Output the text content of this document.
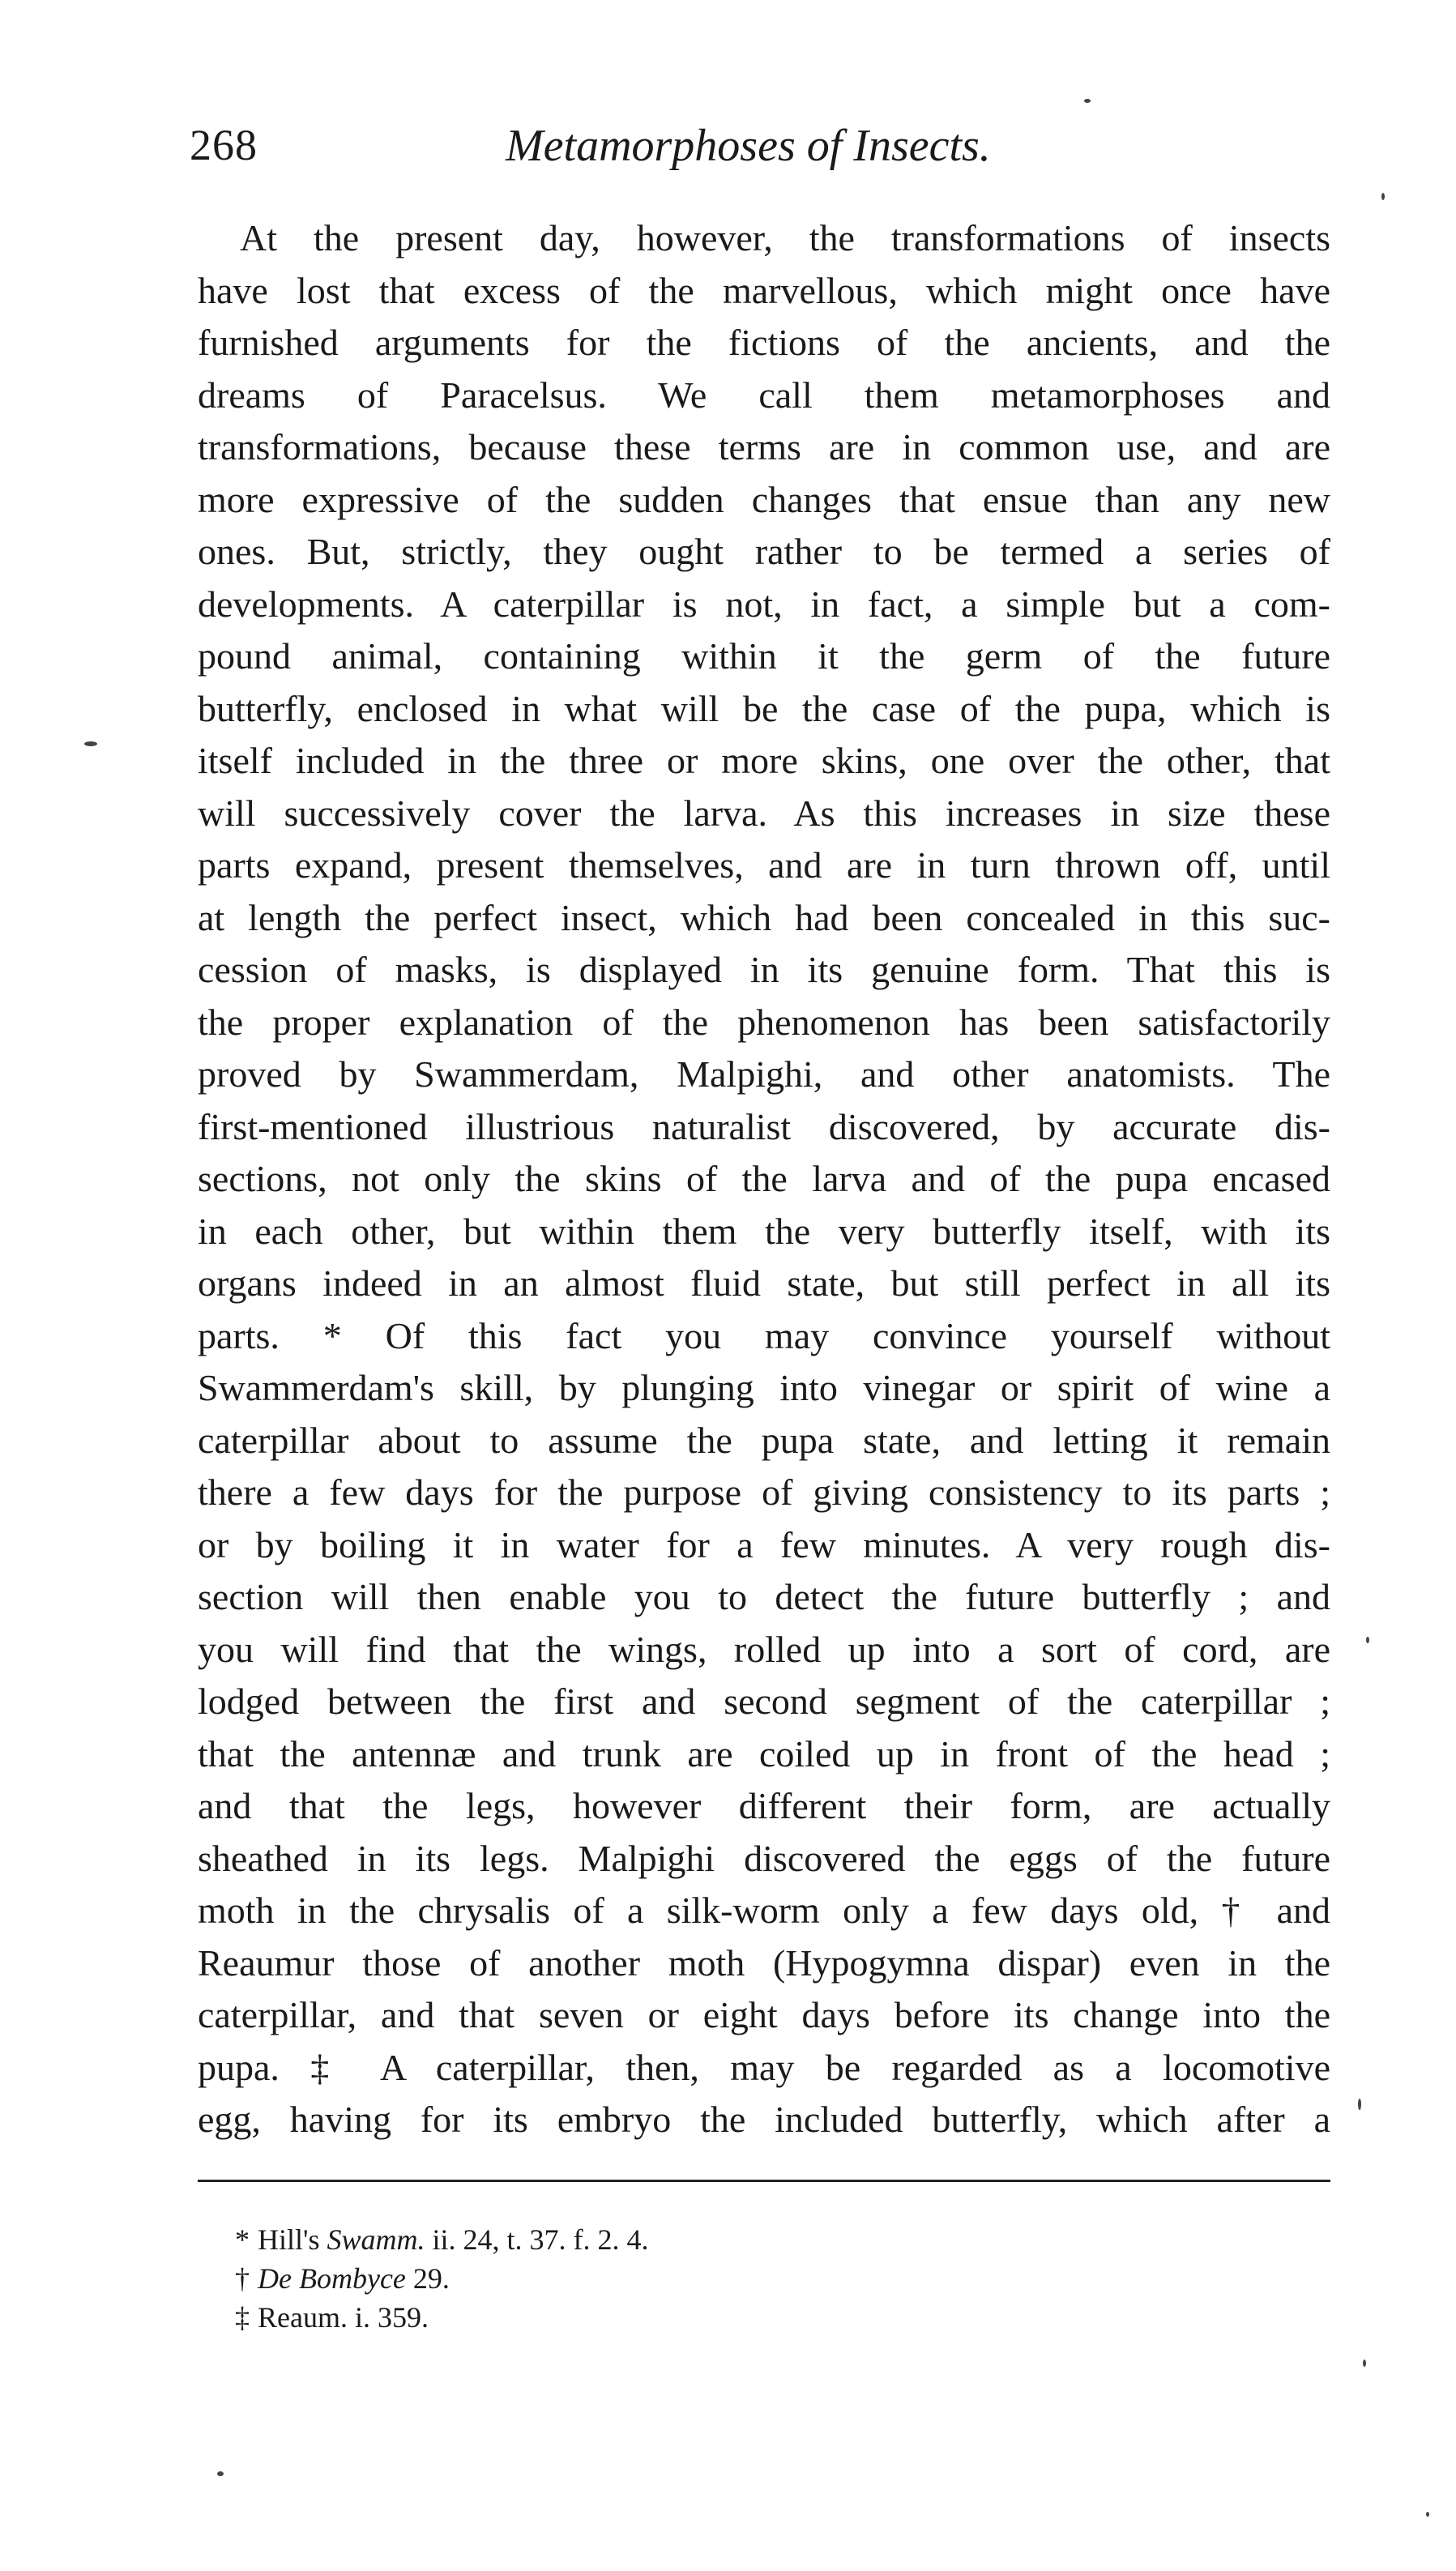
268	Metamorphoses of Insects.
At the present day, however, the transformations of insects
have lost that excess of the marvellous, which might once have
furnished arguments for the fictions of the ancients, and the
dreams of Paracelsus. We call them metamorphoses and
transformations, because these terms are in common use, and are
more expressive of the sudden changes that ensue than any new
ones. But, strictly, they ought rather to be termed a series of
developments. A caterpillar is not, in fact, a simple but a com-
pound animal, containing within it the germ of the future
butterfly, enclosed in what will be the case of the pupa, which is
itself included in the three or more skins, one over the other, that
will successively cover the larva. As this increases in size these
parts expand, present themselves, and are in turn thrown off, until
at length the perfect insect, which had been concealed in this suc-
cession of masks, is displayed in its genuine form. That this is
the proper explanation of the phenomenon has been satisfactorily
proved by Swammerdam, Malpighi, and other anatomists. The
first-mentioned illustrious naturalist discovered, by accurate dis-
sections, not only the skins of the larva and of the pupa encased
in each other, but within them the very butterfly itself, with its
organs indeed in an almost fluid state, but still perfect in all its
parts. * Of this fact you may convince yourself without
Swammerdam's skill, by plunging into vinegar or spirit of wine a
caterpillar about to assume the pupa state, and letting it remain
there a few days for the purpose of giving consistency to its parts ;
or by boiling it in water for a few minutes. A very rough dis-
section will then enable you to detect the future butterfly ; and
you will find that the wings, rolled up into a sort of cord, are
lodged between the first and second segment of the caterpillar ;
that the antennæ and trunk are coiled up in front of the head ;
and that the legs, however different their form, are actually
sheathed in its legs. Malpighi discovered the eggs of the future
moth in the chrysalis of a silk-worm only a few days old, † and
Reaumur those of another moth (Hypogymna dispar) even in the
caterpillar, and that seven or eight days before its change into the
pupa. ‡ A caterpillar, then, may be regarded as a locomotive
egg, having for its embryo the included butterfly, which after a
* Hill's Swamm. ii. 24, t. 37. f. 2. 4.
† De Bombyce 29.
‡ Reaum. i. 359.
